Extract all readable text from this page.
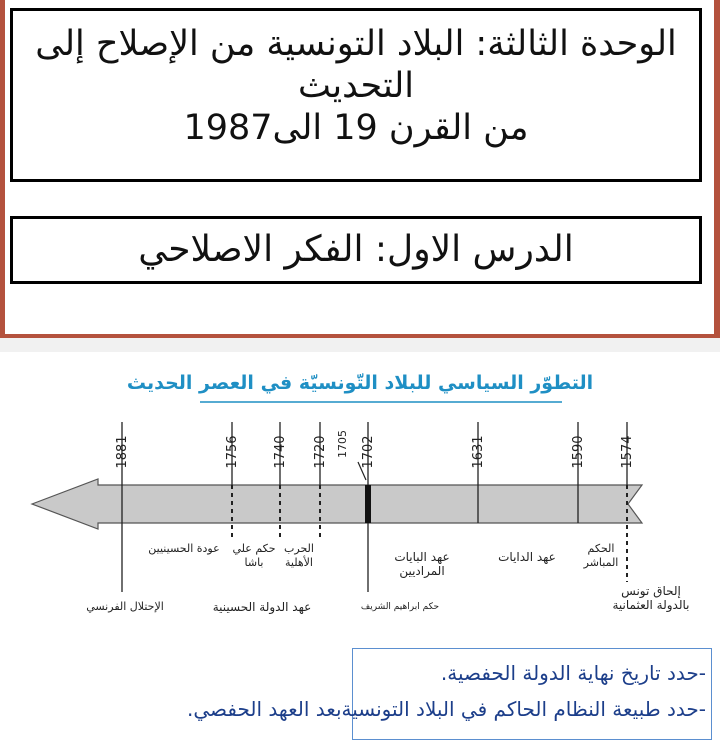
الوحدة الثالثة: البلاد التونسية من الإصلاح إلى
التحديث
من القرن 19 الى1987
الدرس الاول: الفكر الاصلاحي
التطوّر السياسي للبلاد التّونسيّة في العصر الحديث
1881	1756	1740 1720 1705 1702	1631	1590	1574
الإحتلال الفرنسي
عودة الحسينيين	حكم علي
باشا
الحرب
الأهلية
عهد الدولة الحسينية	حكم ابراهيم الشريف
عهد البايات
المراديين
عهد الدايات
الحكم
المباشر
إلحاق تونس
بالدولة العثمانية
-حدد تاريخ نهاية الدولة الحفصية.
-حدد طبيعة النظام الحاكم في البلاد التونسيةبعد العهد الحفصي.
